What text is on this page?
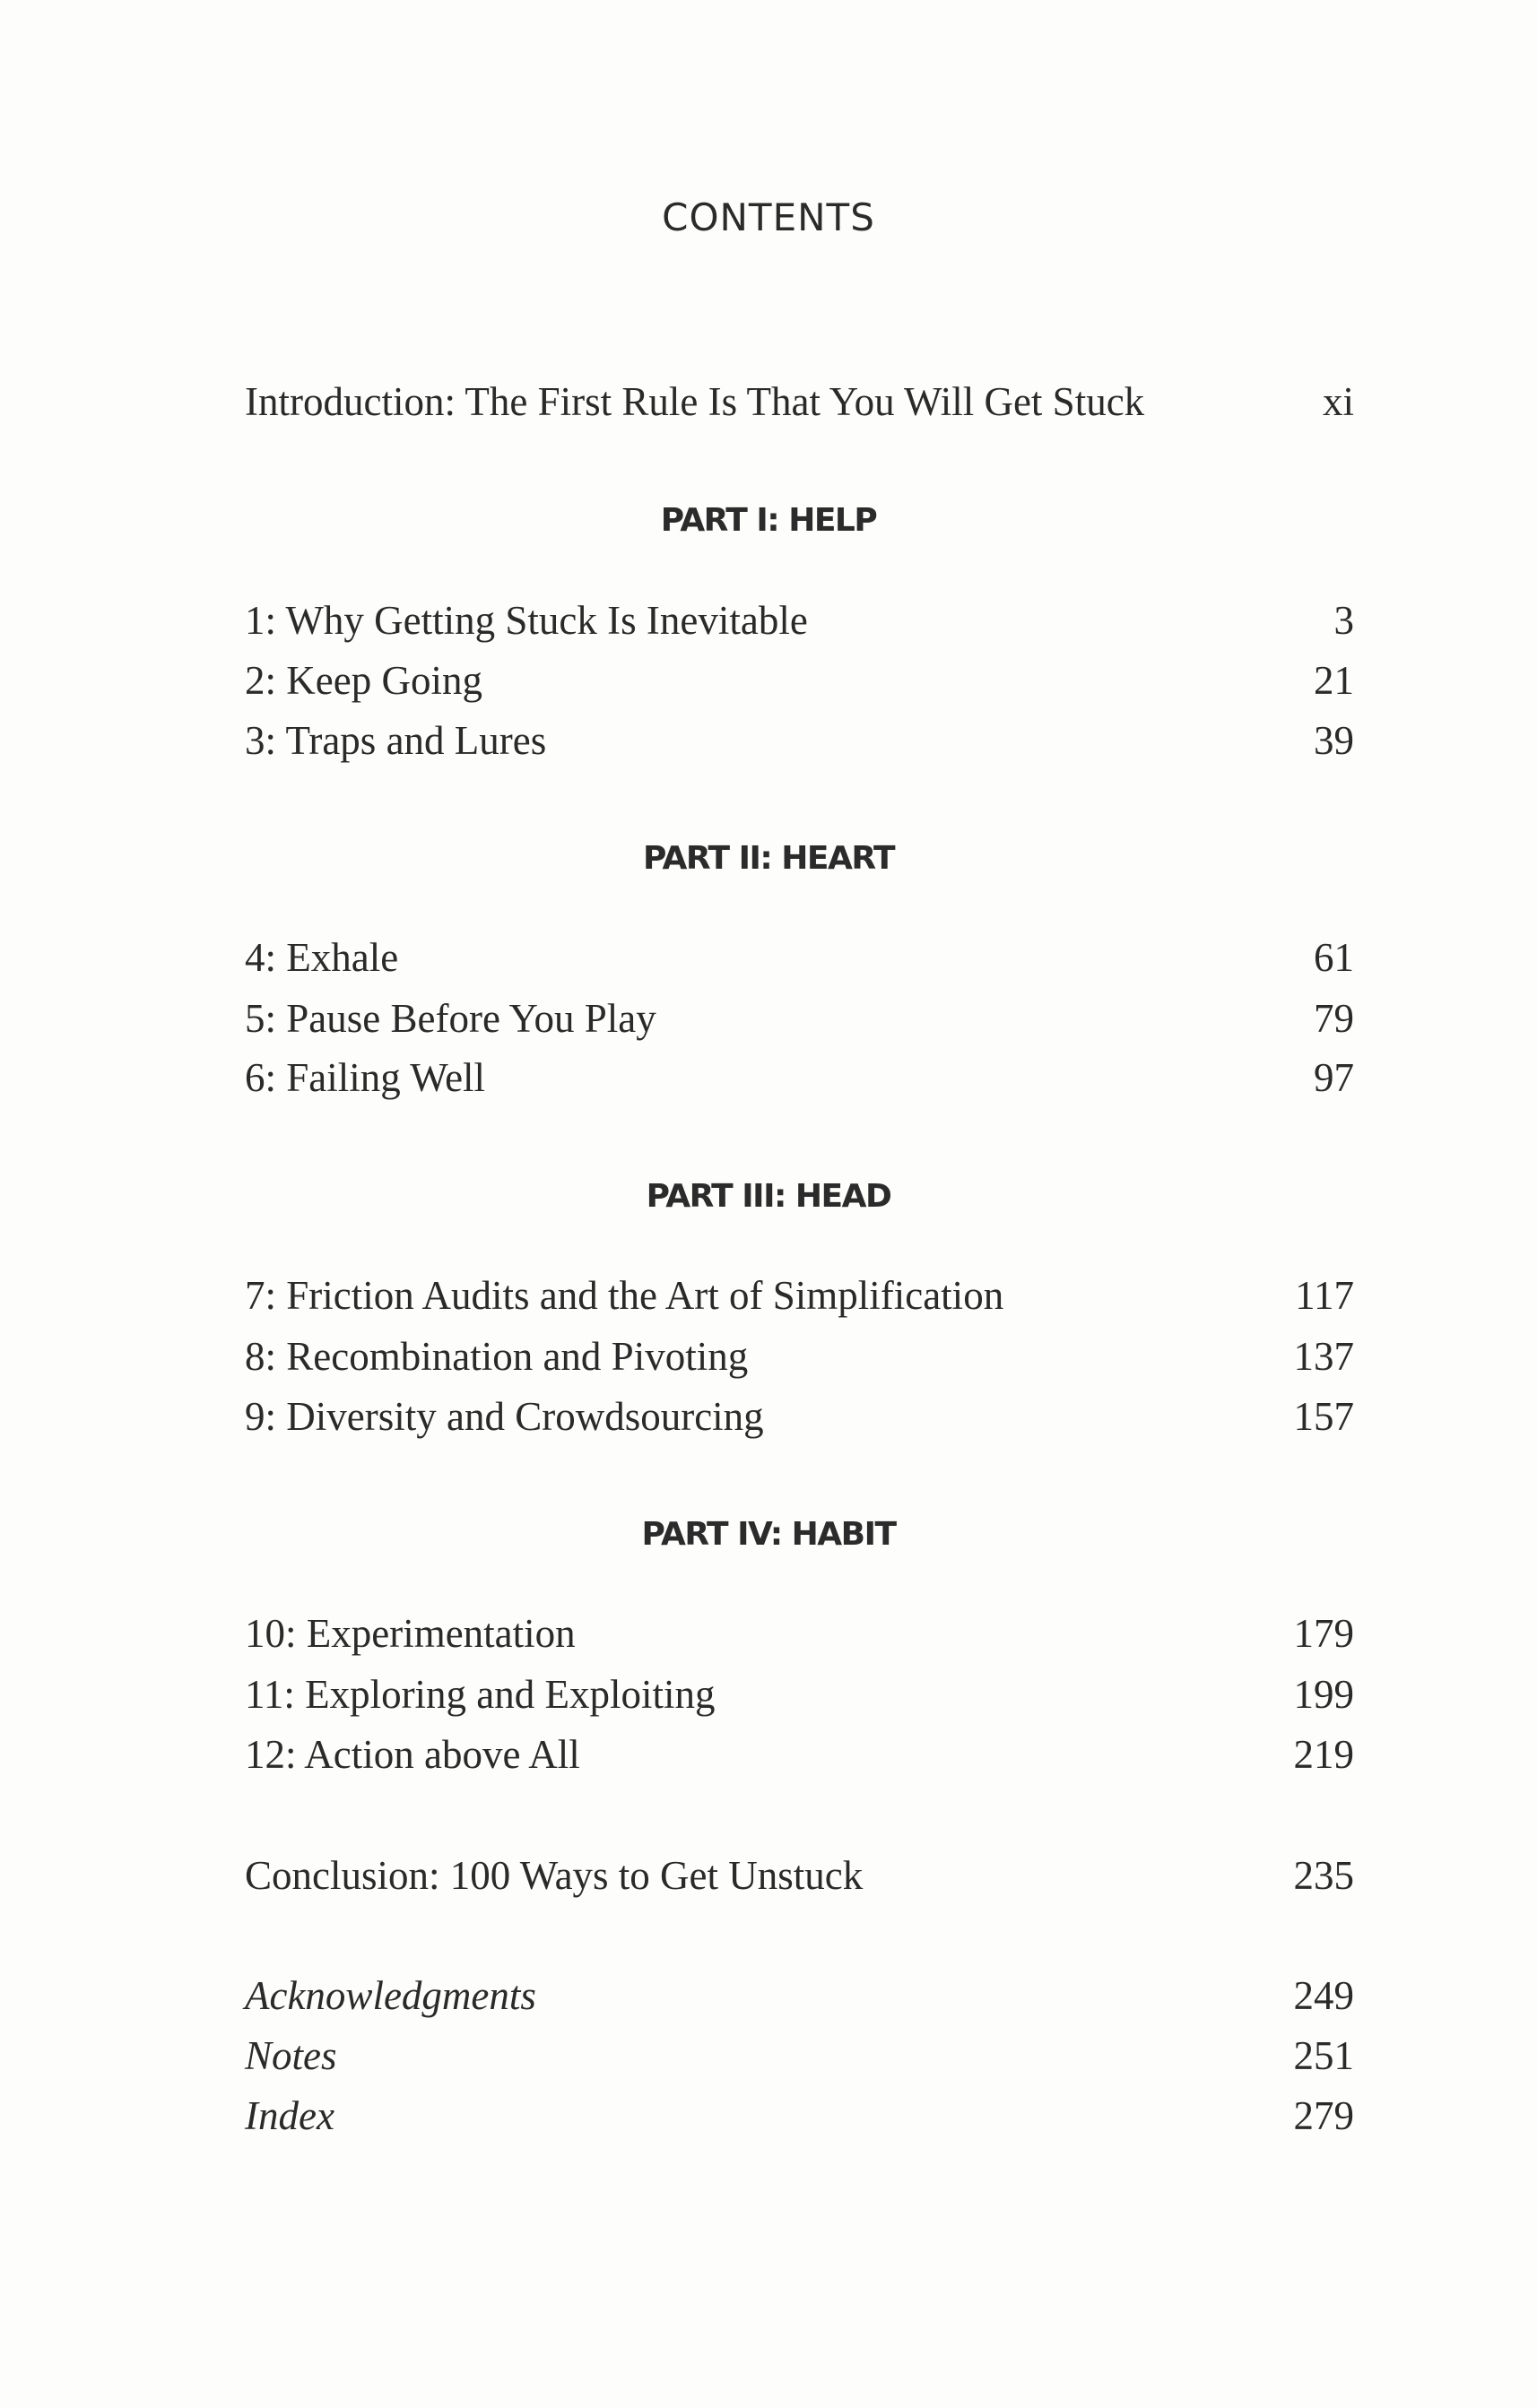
CONTENTS
Introduction: The First Rule Is That You Will Get Stuck	xi
PART I: HELP
1: Why Getting Stuck Is Inevitable	3
2: Keep Going	21
3: Traps and Lures	39
PART II: HEART
4: Exhale	61
5: Pause Before You Play	79
6: Failing Well	97
PART III: HEAD
7: Friction Audits and the Art of Simplification	117
8: Recombination and Pivoting	137
9: Diversity and Crowdsourcing	157
PART IV: HABIT
10: Experimentation	179
11: Exploring and Exploiting	199
12: Action above All	219
Conclusion: 100 Ways to Get Unstuck	235
Acknowledgments	249
Notes	251
Index	279
